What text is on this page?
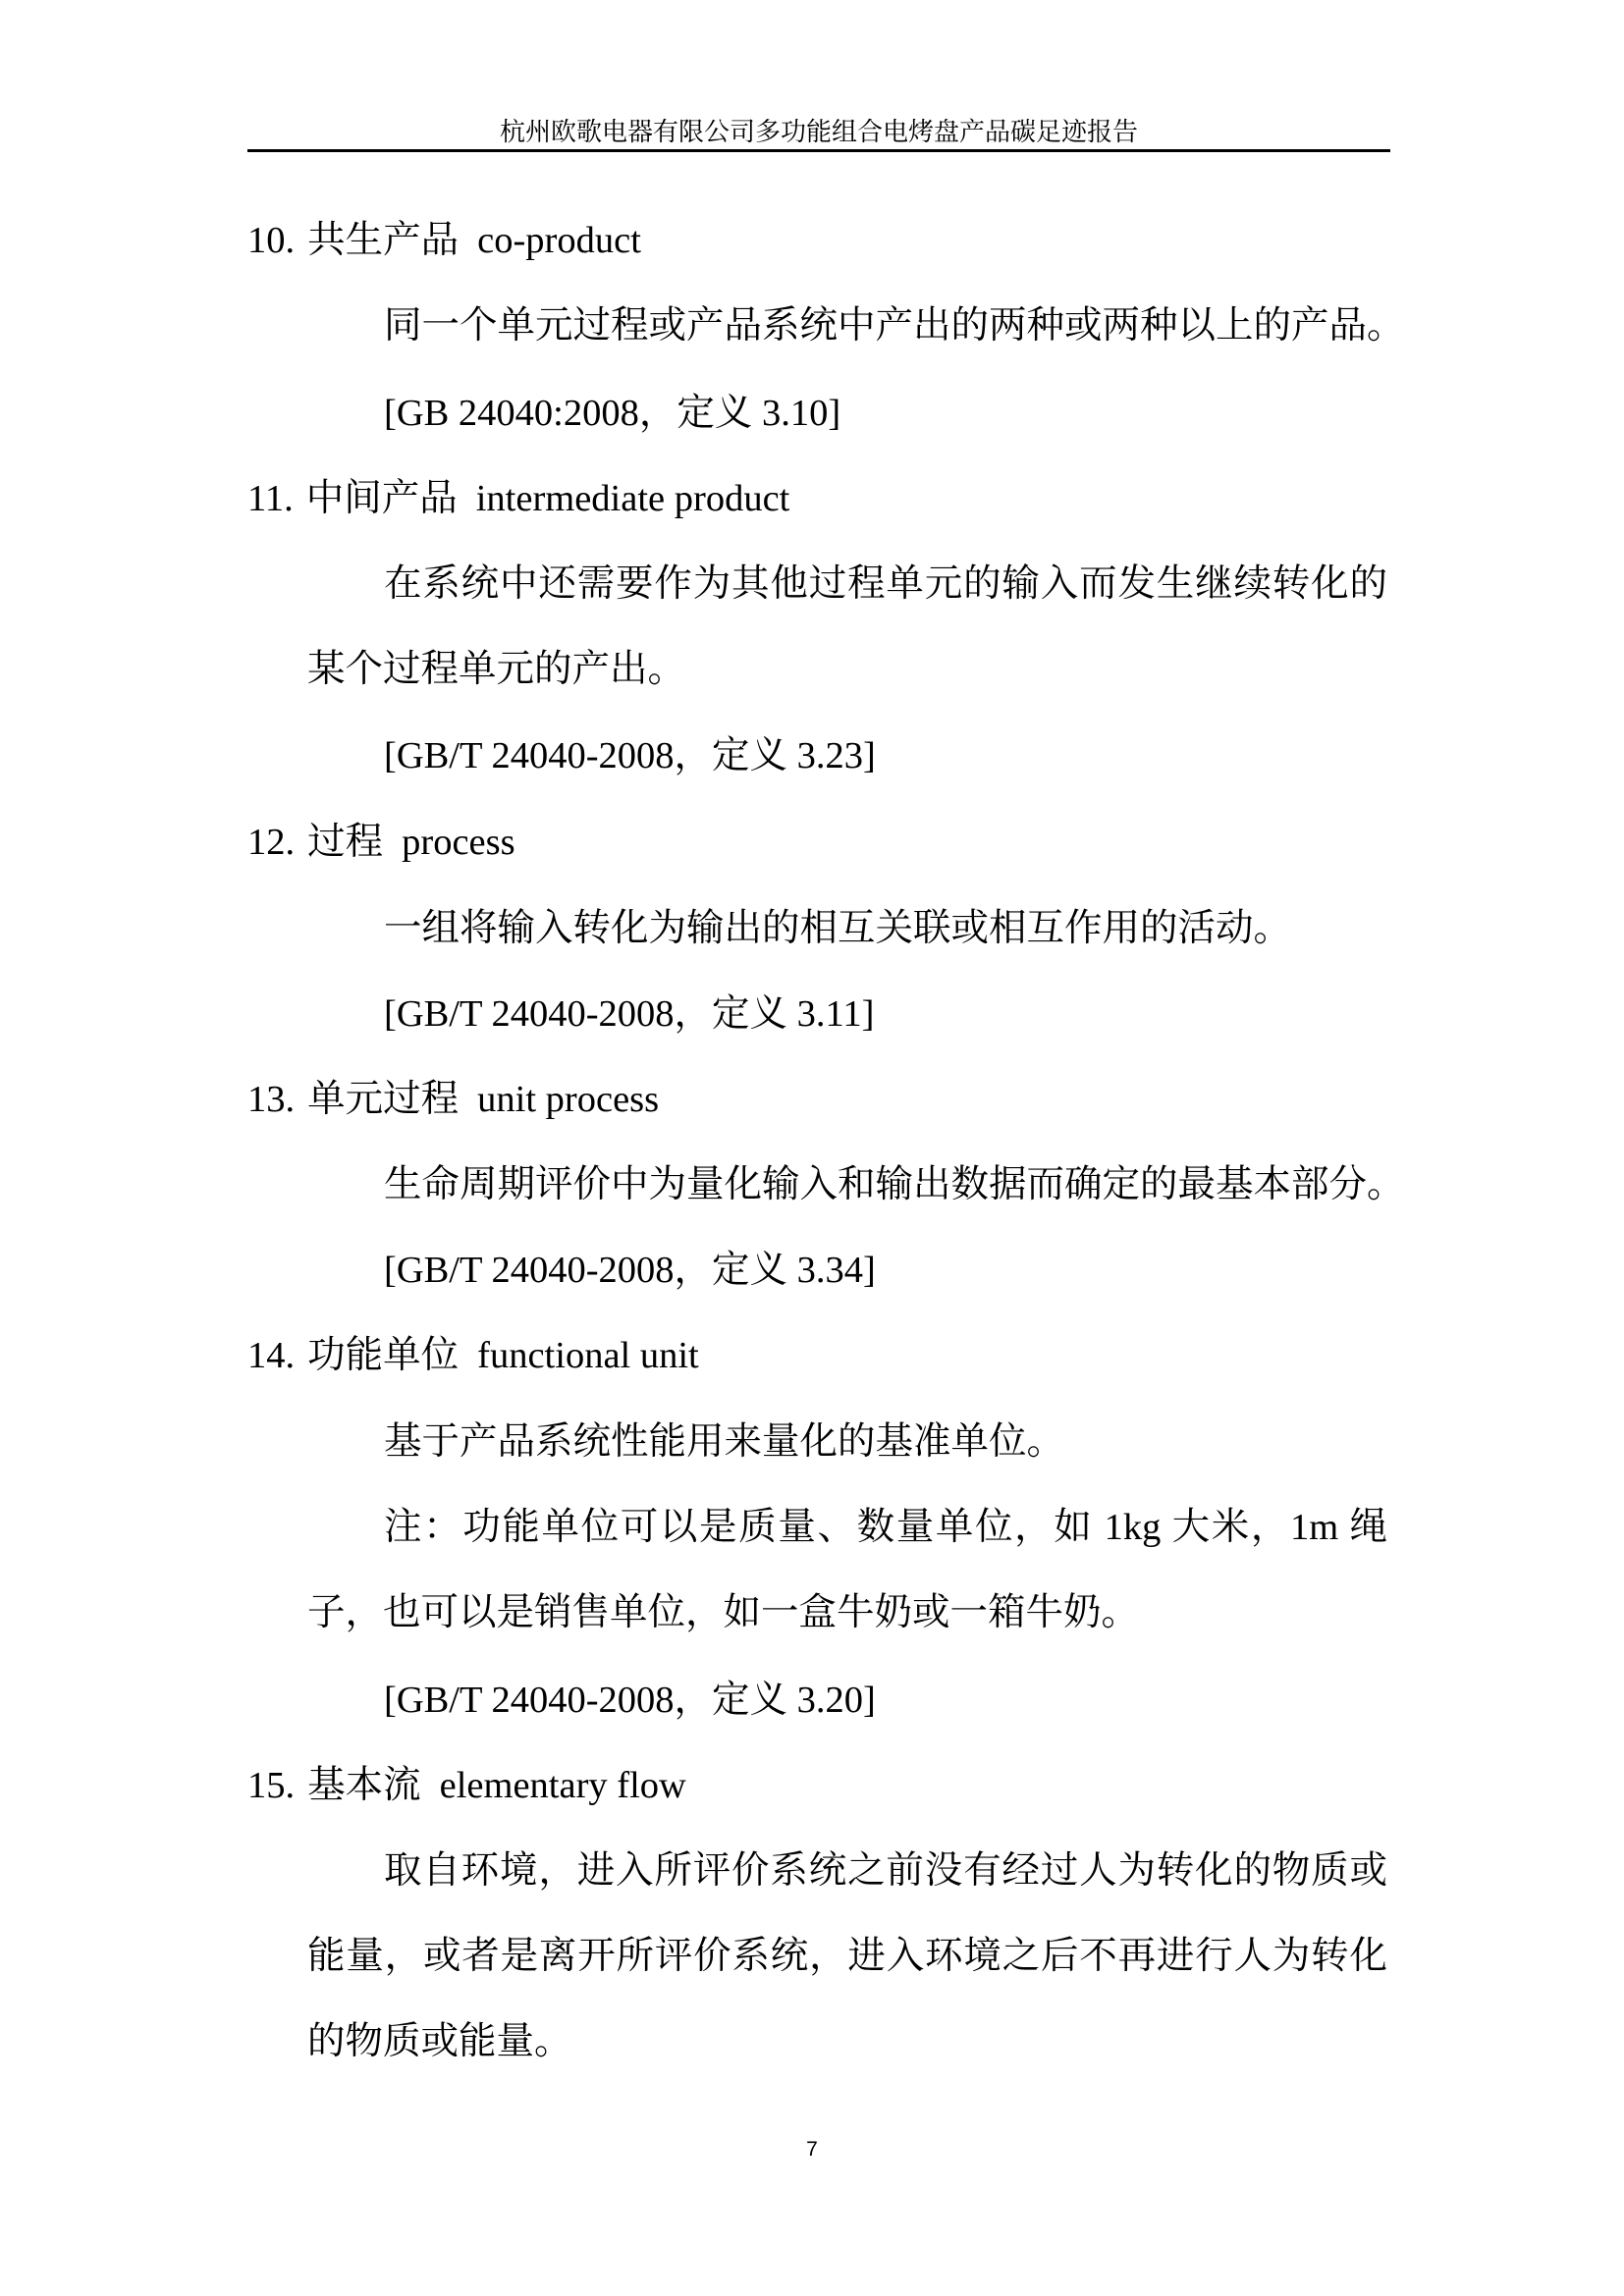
杭州欧歌电器有限公司多功能组合电烤盘产品碳足迹报告
10. 共生产品 co-product
同一个单元过程或产品系统中产出的两种或两种以上的产品。
[GB 24040:2008，定义 3.10]
11. 中间产品 intermediate product
在系统中还需要作为其他过程单元的输入而发生继续转化的
某个过程单元的产出。
[GB/T 24040-2008，定义 3.23]
12. 过程 process
一组将输入转化为输出的相互关联或相互作用的活动。
[GB/T 24040-2008，定义 3.11]
13. 单元过程 unit process
生命周期评价中为量化输入和输出数据而确定的最基本部分。
[GB/T 24040-2008，定义 3.34]
14. 功能单位 functional unit
基于产品系统性能用来量化的基准单位。
注：功能单位可以是质量、数量单位，如 1kg 大米，1m 绳
子，也可以是销售单位，如一盒牛奶或一箱牛奶。
[GB/T 24040-2008，定义 3.20]
15. 基本流 elementary flow
取自环境，进入所评价系统之前没有经过人为转化的物质或
能量，或者是离开所评价系统，进入环境之后不再进行人为转化
的物质或能量。
7
